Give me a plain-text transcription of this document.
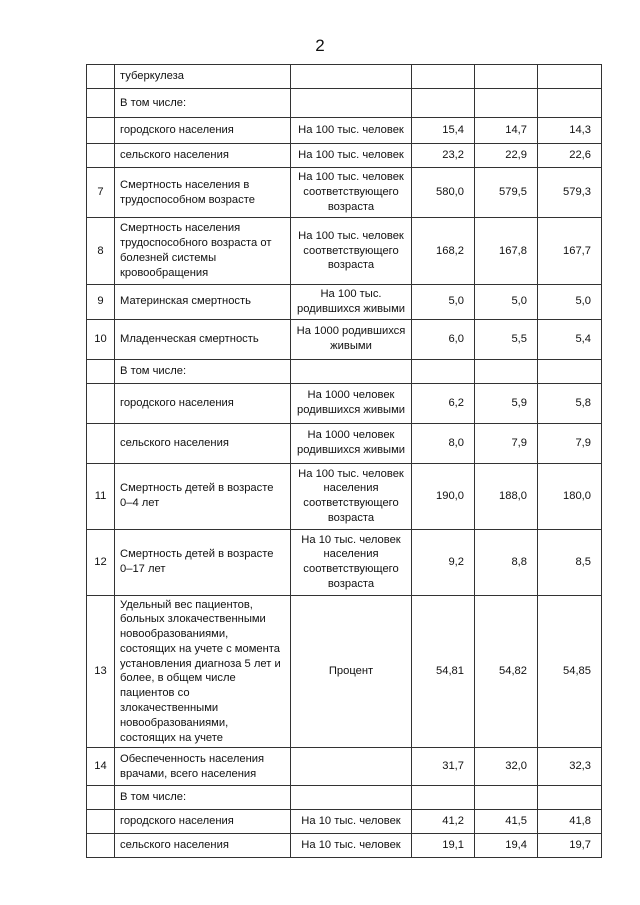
2
	туберкулеза				
	В том числе:				
	городского населения	На 100 тыс. человек	15,4	14,7	14,3
	сельского населения	На 100 тыс. человек	23,2	22,9	22,6
7	Смертность населения в трудоспособном возрасте	На 100 тыс. человек соответствующего возраста	580,0	579,5	579,3
8	Смертность населения трудоспособного возраста от болезней системы кровообращения	На 100 тыс. человек соответствующего возраста	168,2	167,8	167,7
9	Материнская смертность	На 100 тыс. родившихся живыми	5,0	5,0	5,0
10	Младенческая смертность	На 1000 родившихся живыми	6,0	5,5	5,4
	В том числе:				
	городского населения	На 1000 человек родившихся живыми	6,2	5,9	5,8
	сельского населения	На 1000 человек родившихся живыми	8,0	7,9	7,9
11	Смертность детей в возрасте 0–4 лет	На 100 тыс. человек населения соответствующего возраста	190,0	188,0	180,0
12	Смертность детей в возрасте 0–17 лет	На 10 тыс. человек населения соответствующего возраста	9,2	8,8	8,5
13	Удельный вес пациентов, больных злокачественными новообразованиями, состоящих на учете с момента установления диагноза 5 лет и более, в общем числе пациентов со злокачественными новообразованиями, состоящих на учете	Процент	54,81	54,82	54,85
14	Обеспеченность населения врачами, всего населения		31,7	32,0	32,3
	В том числе:				
	городского населения	На 10 тыс. человек	41,2	41,5	41,8
	сельского населения	На 10 тыс. человек	19,1	19,4	19,7
